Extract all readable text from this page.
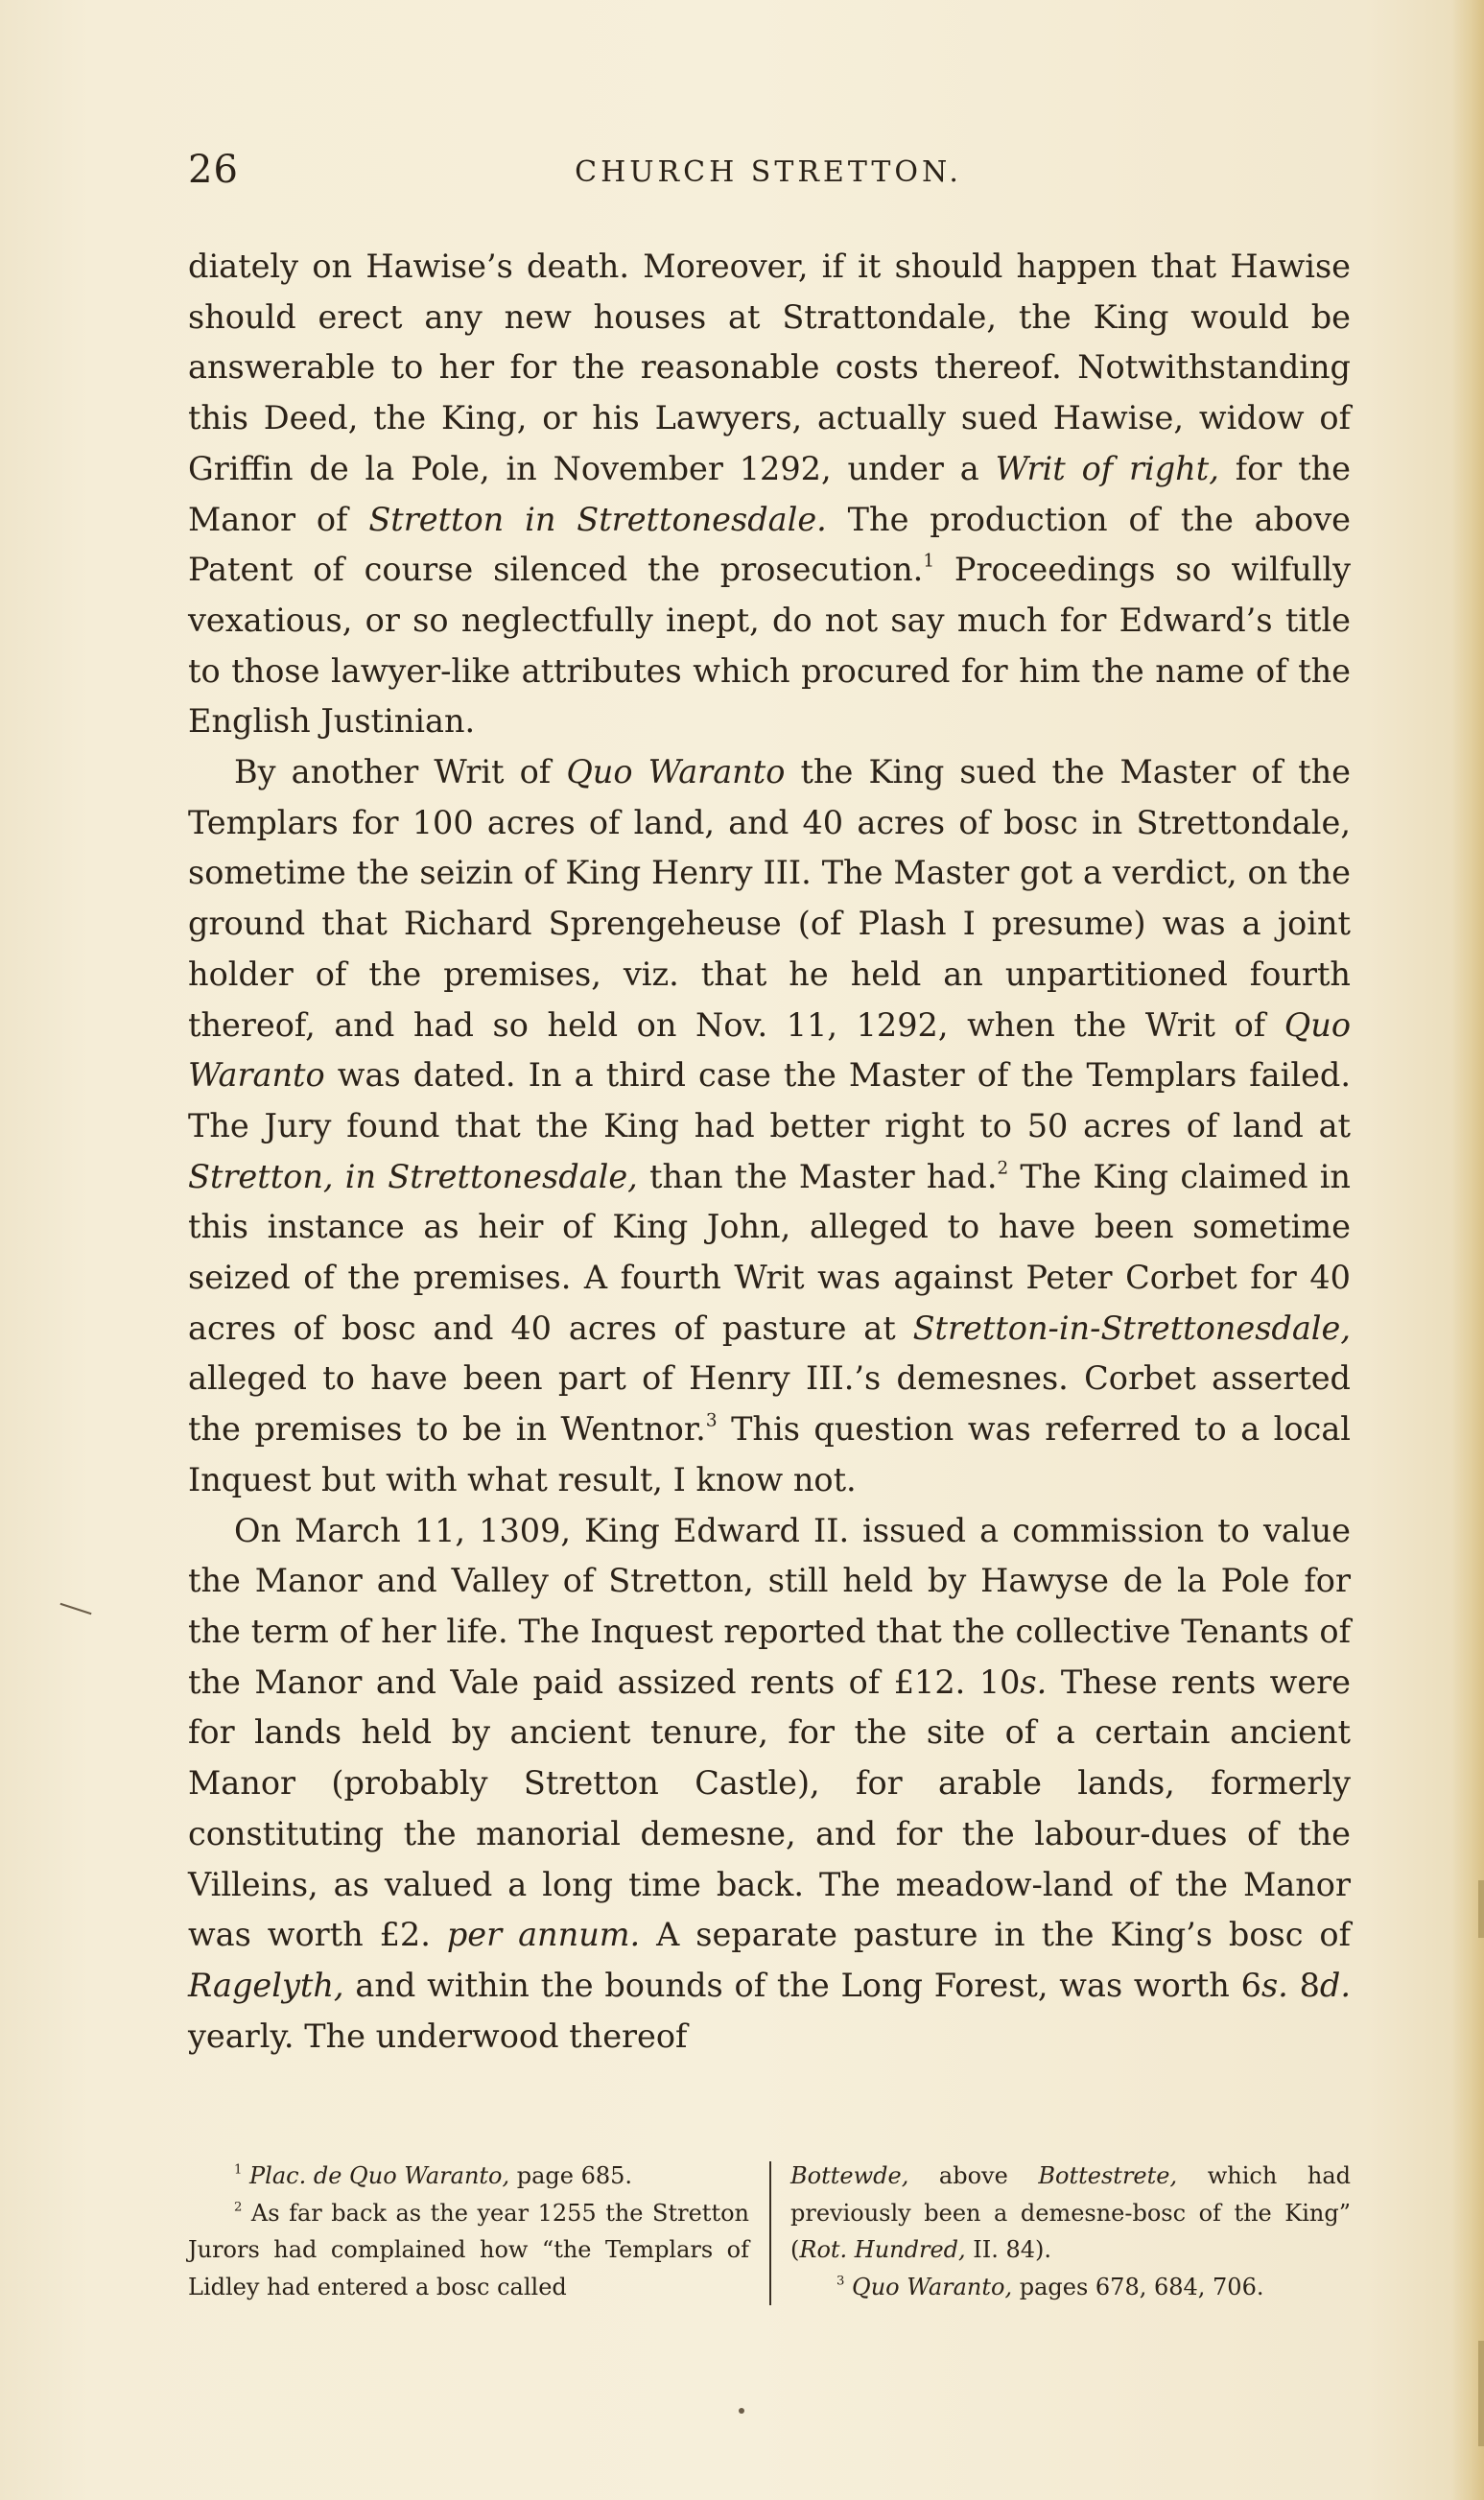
26	CHURCH STRETTON.

diately on Hawise’s death. Moreover, if it should happen that Hawise should erect any new houses at Strattondale, the King would be answerable to her for the reasonable costs thereof. Notwithstanding this Deed, the King, or his Lawyers, actually sued Hawise, widow of Griffin de la Pole, in November 1292, under a Writ of right, for the Manor of Stretton in Strettonesdale. The production of the above Patent of course silenced the prosecution.$^1$ Proceedings so wilfully vexatious, or so neglectfully inept, do not say much for Edward’s title to those lawyer-like attributes which procured for him the name of the English Justinian.

By another Writ of Quo Waranto the King sued the Master of the Templars for 100 acres of land, and 40 acres of bosc in Strettondale, sometime the seizin of King Henry III. The Master got a verdict, on the ground that Richard Sprengeheuse (of Plash I presume) was a joint holder of the premises, viz. that he held an unpartitioned fourth thereof, and had so held on Nov. 11, 1292, when the Writ of Quo Waranto was dated. In a third case the Master of the Templars failed. The Jury found that the King had better right to 50 acres of land at Stretton, in Strettonesdale, than the Master had.$^2$ The King claimed in this instance as heir of King John, alleged to have been sometime seized of the premises. A fourth Writ was against Peter Corbet for 40 acres of bosc and 40 acres of pasture at Stretton-in-Strettonesdale, alleged to have been part of Henry III.’s demesnes. Corbet asserted the premises to be in Wentnor.$^3$ This question was referred to a local Inquest but with what result, I know not.

On March 11, 1309, King Edward II. issued a commission to value the Manor and Valley of Stretton, still held by Hawyse de la Pole for the term of her life. The Inquest reported that the collective Tenants of the Manor and Vale paid assized rents of £12. 10s. These rents were for lands held by ancient tenure, for the site of a certain ancient Manor (probably Stretton Castle), for arable lands, formerly constituting the manorial demesne, and for the labour-dues of the Villeins, as valued a long time back. The meadow-land of the Manor was worth £2. per annum. A separate pasture in the King’s bosc of Ragelyth, and within the bounds of the Long Forest, was worth 6s. 8d. yearly. The underwood thereof

$^1$ Plac. de Quo Waranto, page 685.

$^2$ As far back as the year 1255 the Stretton Jurors had complained how “the Templars of Lidley had entered a bosc called

Bottewde, above Bottestrete, which had previously been a demesne-bosc of the King” (Rot. Hundred, II. 84).

$^3$ Quo Waranto, pages 678, 684, 706.
